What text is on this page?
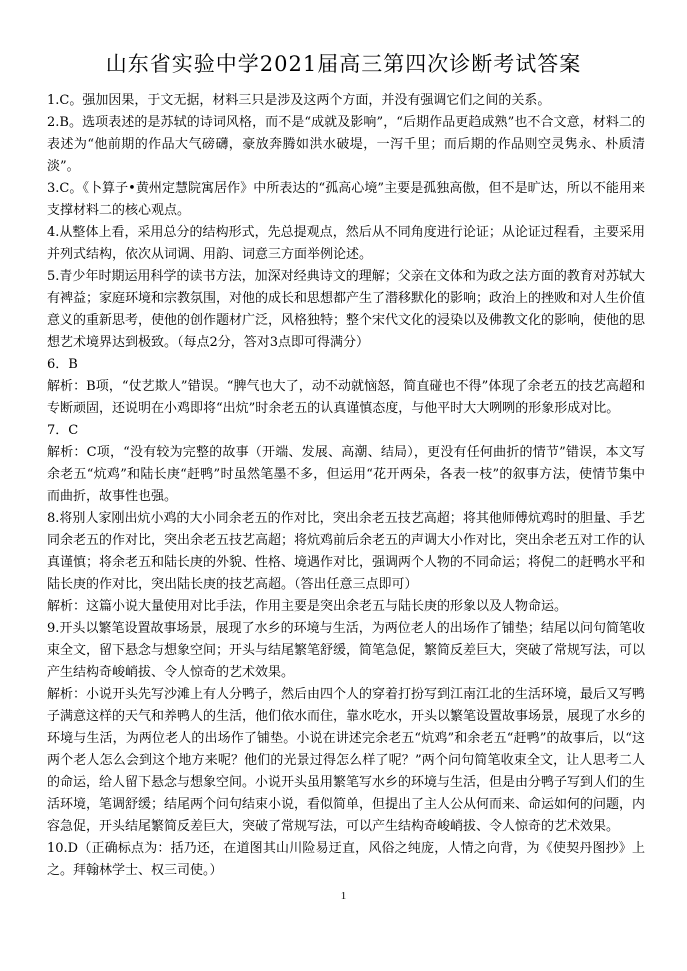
山东省实验中学2021届高三第四次诊断考试答案

1.C。强加因果，于文无据，材料三只是涉及这两个方面，并没有强调它们之间的关系。

2.B。选项表述的是苏轼的诗词风格，而不是“成就及影响”，“后期作品更趋成熟”也不合文意，材料二的表述为“他前期的作品大气磅礴，豪放奔腾如洪水破堤，一泻千里；而后期的作品则空灵隽永、朴质清淡”。

3.C。《卜算子•黄州定慧院寓居作》中所表达的“孤高心境”主要是孤独高傲，但不是旷达，所以不能用来支撑材料二的核心观点。

4.从整体上看，采用总分的结构形式，先总提观点，然后从不同角度进行论证；从论证过程看，主要采用并列式结构，依次从词调、用韵、词意三方面举例论述。

5.青少年时期运用科学的读书方法，加深对经典诗文的理解；父亲在文体和为政之法方面的教育对苏轼大有裨益；家庭环境和宗教氛围，对他的成长和思想都产生了潜移默化的影响；政治上的挫败和对人生价值意义的重新思考，使他的创作题材广泛，风格独特；整个宋代文化的浸染以及佛教文化的影响，使他的思想艺术境界达到极致。（每点2分，答对3点即可得满分）

6．B

解析：B项，“仗艺欺人”错误。“脾气也大了，动不动就恼怒，简直碰也不得”体现了余老五的技艺高超和专断顽固，还说明在小鸡即将“出炕”时余老五的认真谨慎态度，与他平时大大咧咧的形象形成对比。

7．C

解析：C项，“没有较为完整的故事（开端、发展、高潮、结局），更没有任何曲折的情节”错误，本文写余老五“炕鸡”和陆长庚“赶鸭”时虽然笔墨不多，但运用“花开两朵，各表一枝”的叙事方法，使情节集中而曲折，故事性也强。

8.将别人家刚出炕小鸡的大小同余老五的作对比，突出余老五技艺高超；将其他师傅炕鸡时的胆量、手艺同余老五的作对比，突出余老五技艺高超；将炕鸡前后余老五的声调大小作对比，突出余老五对工作的认真谨慎；将余老五和陆长庚的外貌、性格、境遇作对比，强调两个人物的不同命运；将倪二的赶鸭水平和陆长庚的作对比，突出陆长庚的技艺高超。（答出任意三点即可）

解析：这篇小说大量使用对比手法，作用主要是突出余老五与陆长庚的形象以及人物命运。

9.开头以繁笔设置故事场景，展现了水乡的环境与生活，为两位老人的出场作了铺垫；结尾以问句简笔收束全文，留下悬念与想象空间；开头与结尾繁笔舒缓，简笔急促，繁简反差巨大，突破了常规写法，可以产生结构奇峻峭拔、令人惊奇的艺术效果。

解析：小说开头先写沙滩上有人分鸭子，然后由四个人的穿着打扮写到江南江北的生活环境，最后又写鸭子满意这样的天气和养鸭人的生活，他们依水而住，靠水吃水，开头以繁笔设置故事场景，展现了水乡的环境与生活，为两位老人的出场作了铺垫。小说在讲述完余老五“炕鸡”和余老五“赶鸭”的故事后，以“这两个老人怎么会到这个地方来呢？他们的光景过得怎么样了呢？”两个问句简笔收束全文，让人思考二人的命运，给人留下悬念与想象空间。小说开头虽用繁笔写水乡的环境与生活，但是由分鸭子写到人们的生活环境，笔调舒缓；结尾两个问句结束小说，看似简单，但提出了主人公从何而来、命运如何的问题，内容急促，开头结尾繁简反差巨大，突破了常规写法，可以产生结构奇峻峭拔、令人惊奇的艺术效果。

10.D（正确标点为：括乃还，在道图其山川险易迂直，风俗之纯庞，人情之向背，为《使契丹图抄》上之。拜翰林学士、权三司使。）

1
